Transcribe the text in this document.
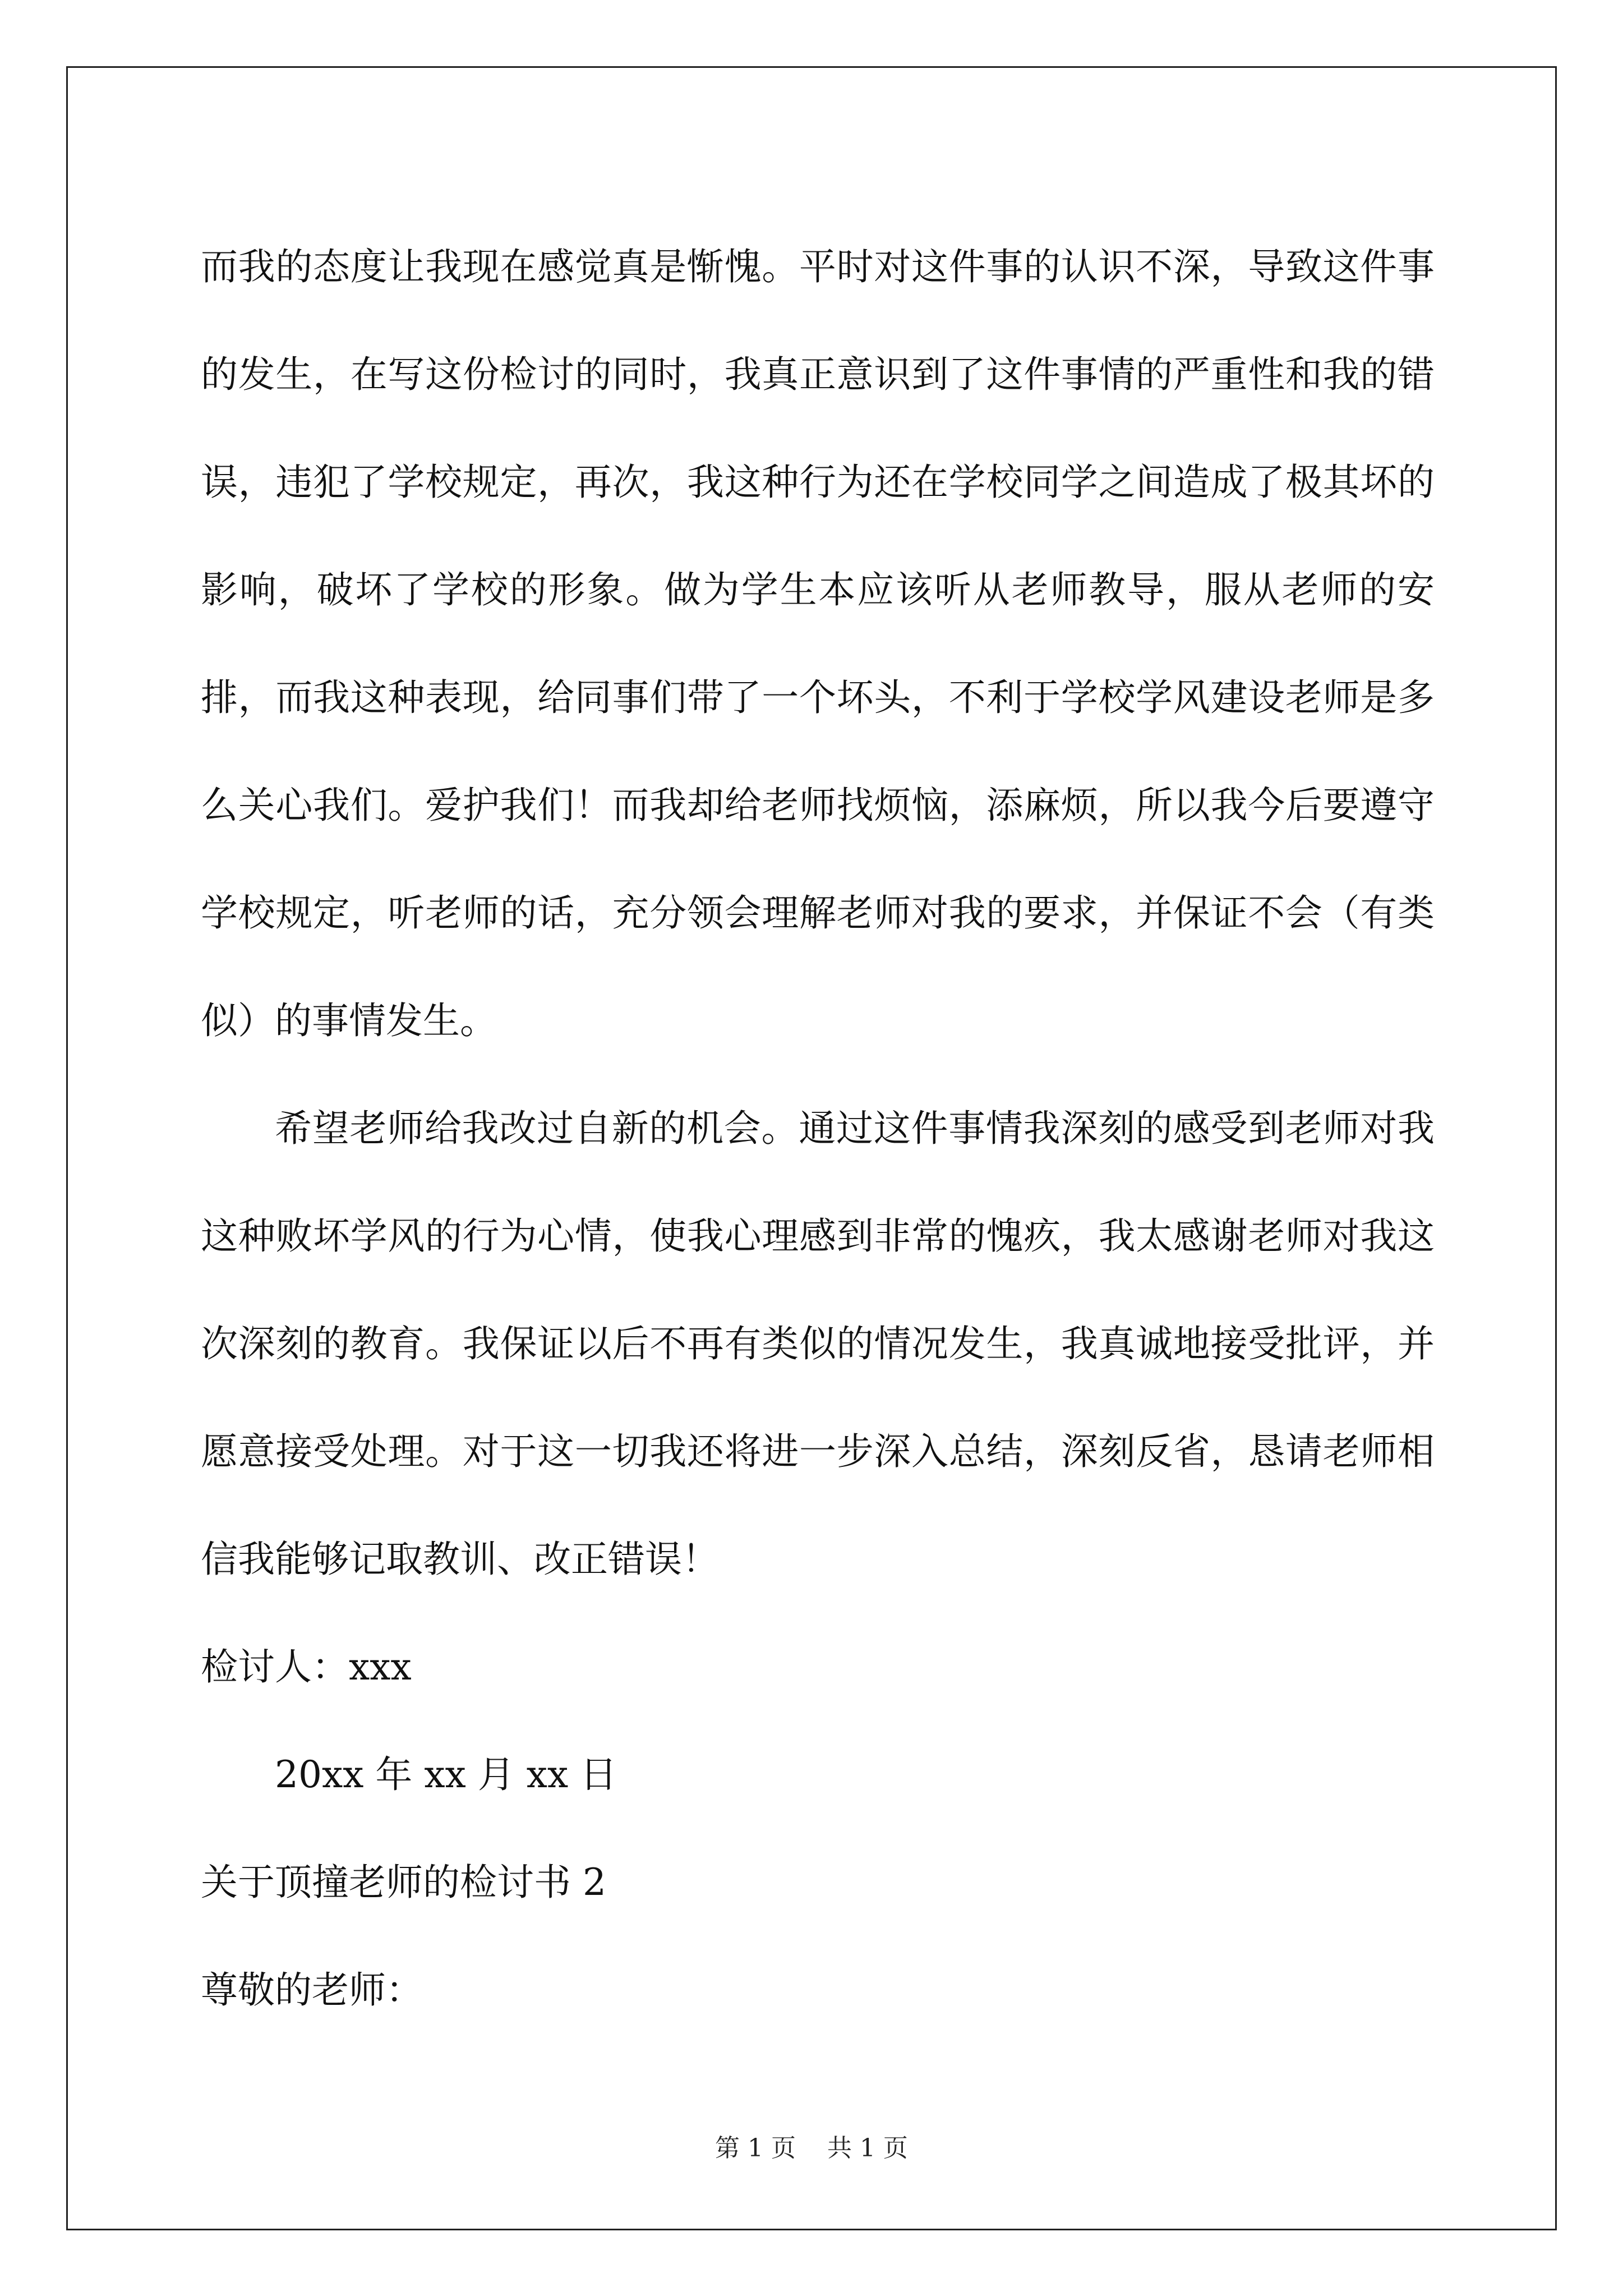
而我的态度让我现在感觉真是惭愧。平时对这件事的认识不深，导致这件事的发生，在写这份检讨的同时，我真正意识到了这件事情的严重性和我的错误，违犯了学校规定，再次，我这种行为还在学校同学之间造成了极其坏的影响，破坏了学校的形象。做为学生本应该听从老师教导，服从老师的安排，而我这种表现，给同事们带了一个坏头，不利于学校学风建设老师是多么关心我们。爱护我们！而我却给老师找烦恼，添麻烦，所以我今后要遵守学校规定，听老师的话，充分领会理解老师对我的要求，并保证不会（有类似）的事情发生。

希望老师给我改过自新的机会。通过这件事情我深刻的感受到老师对我这种败坏学风的行为心情，使我心理感到非常的愧疚，我太感谢老师对我这次深刻的教育。我保证以后不再有类似的情况发生，我真诚地接受批评，并愿意接受处理。对于这一切我还将进一步深入总结，深刻反省，恳请老师相信我能够记取教训、改正错误！

检讨人：xxx

20xx 年 xx 月 xx 日

关于顶撞老师的检讨书 2

尊敬的老师：

第 1 页    共 1 页
